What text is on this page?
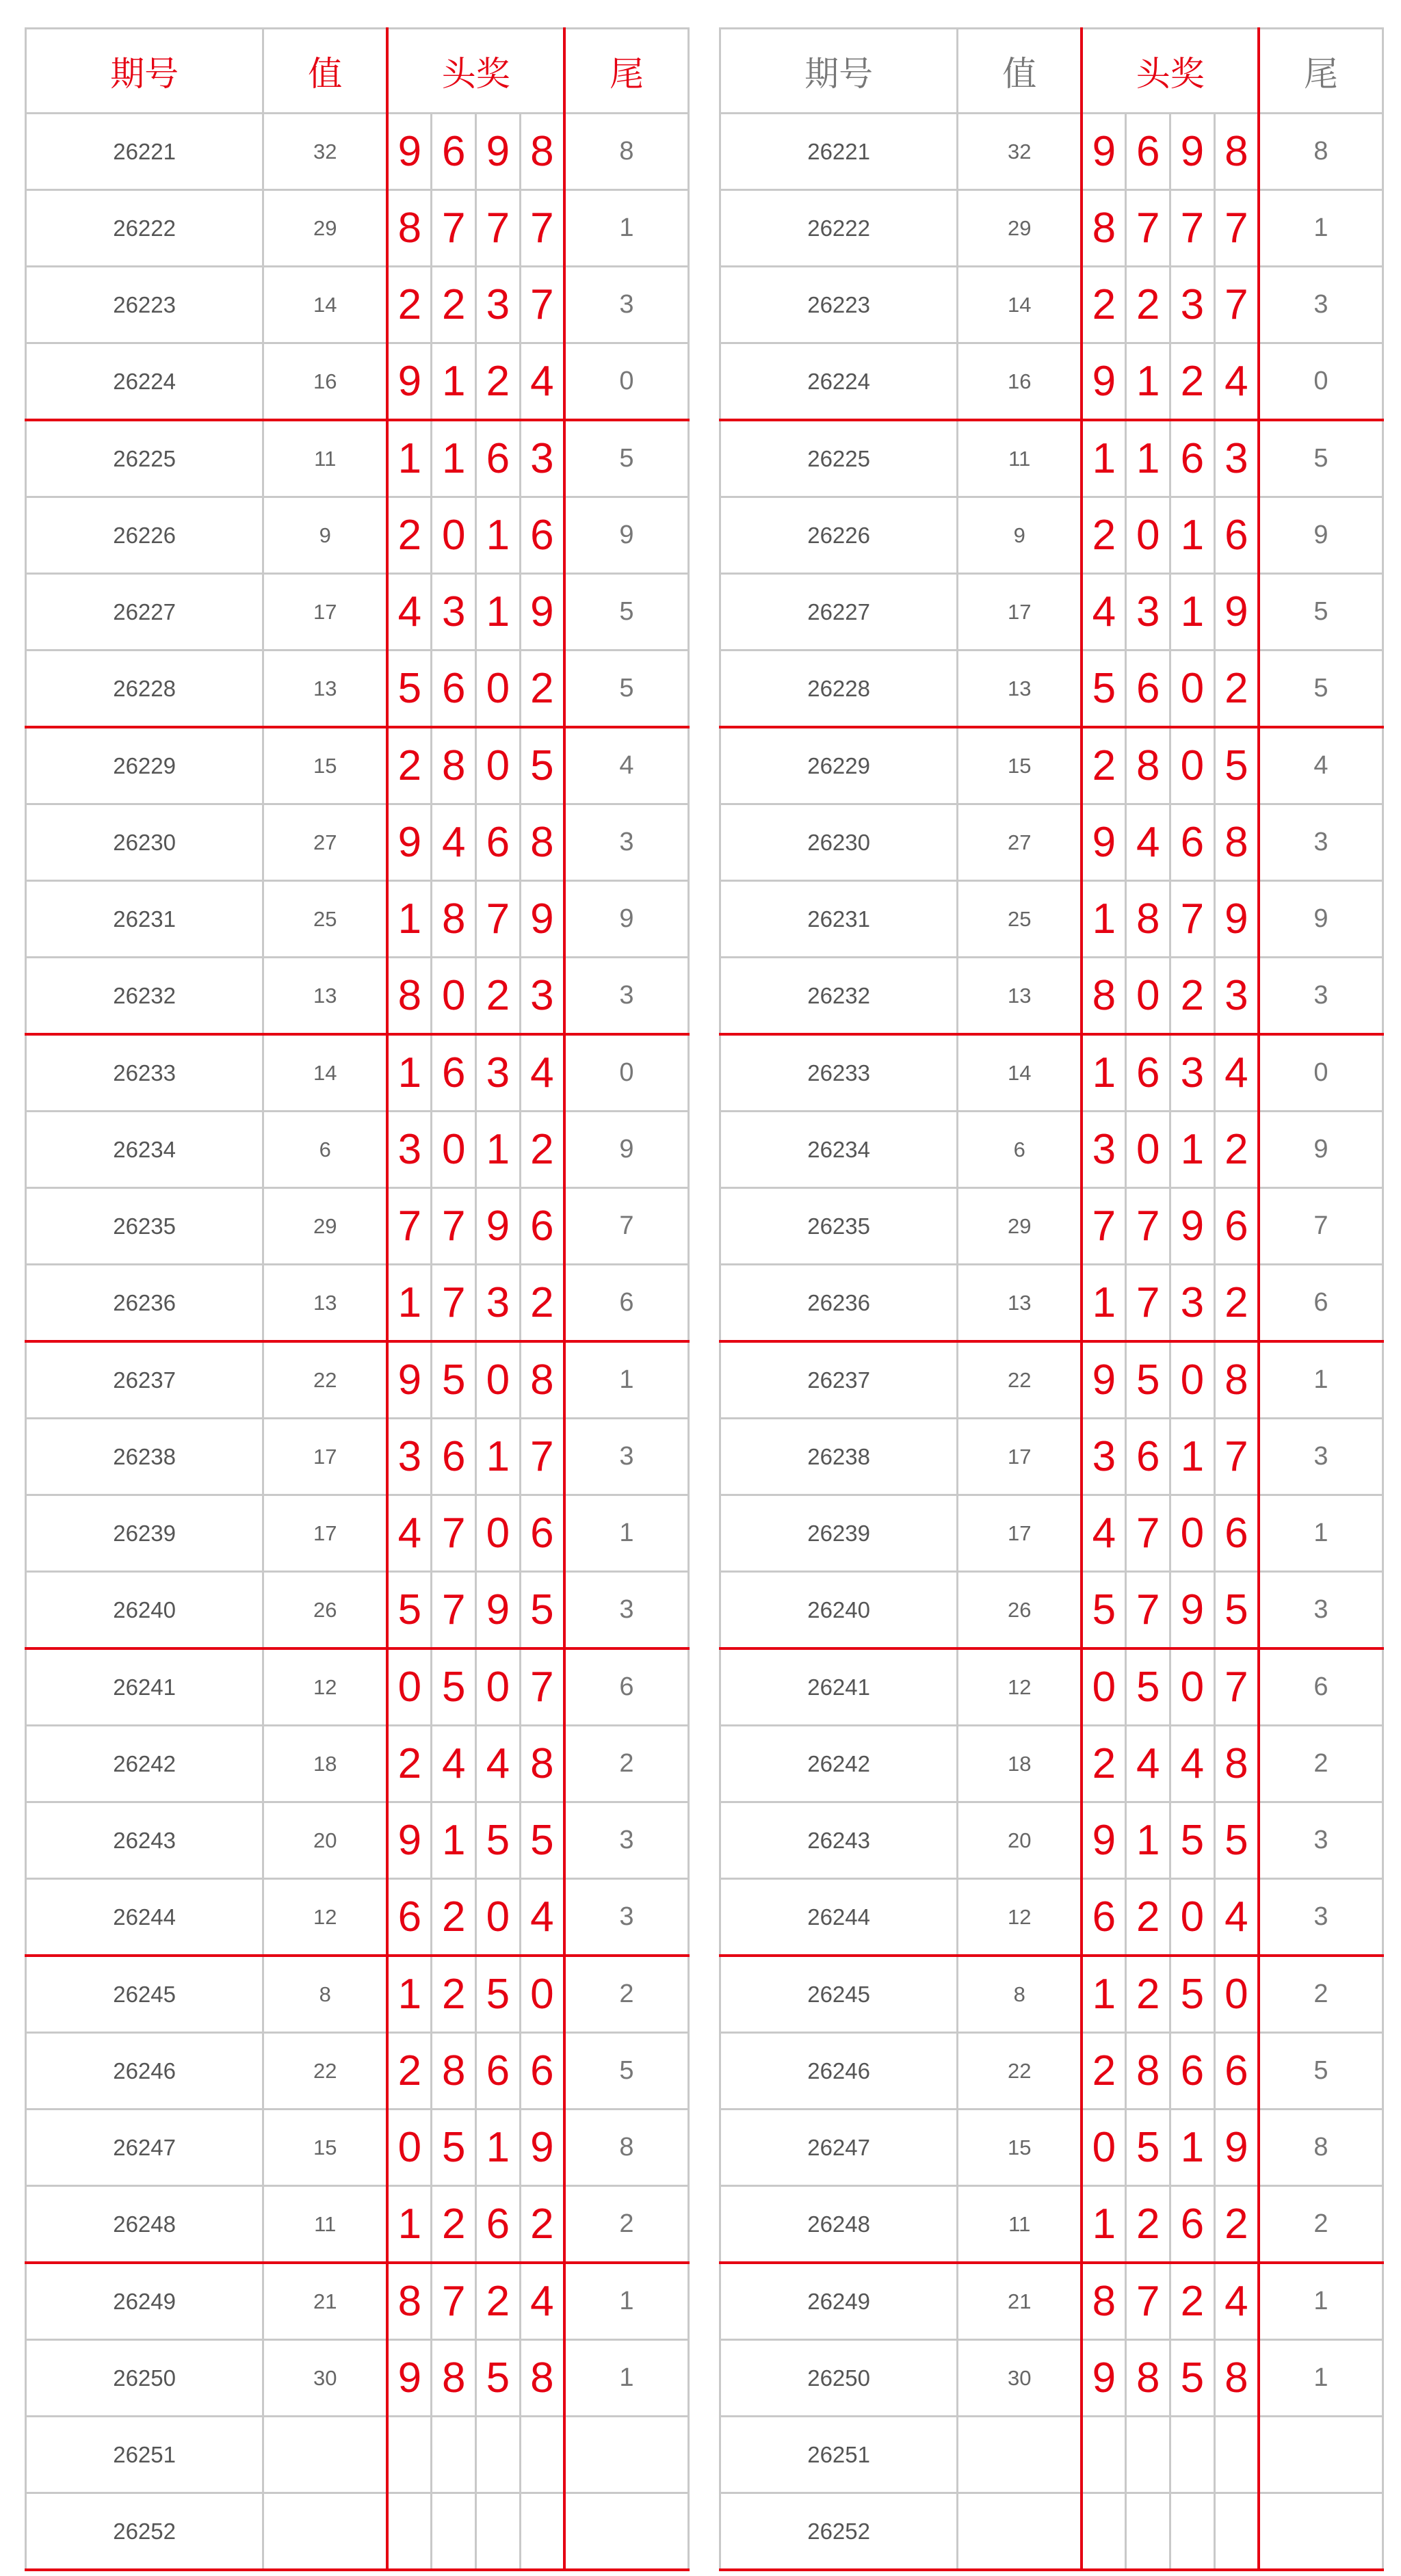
期号	值	头奖				尾
26221	32	9	6	9	8	8
26222	29	8	7	7	7	1
26223	14	2	2	3	7	3
26224	16	9	1	2	4	0
26225	11	1	1	6	3	5
26226	9	2	0	1	6	9
26227	17	4	3	1	9	5
26228	13	5	6	0	2	5
26229	15	2	8	0	5	4
26230	27	9	4	6	8	3
26231	25	1	8	7	9	9
26232	13	8	0	2	3	3
26233	14	1	6	3	4	0
26234	6	3	0	1	2	9
26235	29	7	7	9	6	7
26236	13	1	7	3	2	6
26237	22	9	5	0	8	1
26238	17	3	6	1	7	3
26239	17	4	7	0	6	1
26240	26	5	7	9	5	3
26241	12	0	5	0	7	6
26242	18	2	4	4	8	2
26243	20	9	1	5	5	3
26244	12	6	2	0	4	3
26245	8	1	2	5	0	2
26246	22	2	8	6	6	5
26247	15	0	5	1	9	8
26248	11	1	2	6	2	2
26249	21	8	7	2	4	1
26250	30	9	8	5	8	1
26251						
26252						
期号	值	头奖				尾
26221	32	9	6	9	8	8
26222	29	8	7	7	7	1
26223	14	2	2	3	7	3
26224	16	9	1	2	4	0
26225	11	1	1	6	3	5
26226	9	2	0	1	6	9
26227	17	4	3	1	9	5
26228	13	5	6	0	2	5
26229	15	2	8	0	5	4
26230	27	9	4	6	8	3
26231	25	1	8	7	9	9
26232	13	8	0	2	3	3
26233	14	1	6	3	4	0
26234	6	3	0	1	2	9
26235	29	7	7	9	6	7
26236	13	1	7	3	2	6
26237	22	9	5	0	8	1
26238	17	3	6	1	7	3
26239	17	4	7	0	6	1
26240	26	5	7	9	5	3
26241	12	0	5	0	7	6
26242	18	2	4	4	8	2
26243	20	9	1	5	5	3
26244	12	6	2	0	4	3
26245	8	1	2	5	0	2
26246	22	2	8	6	6	5
26247	15	0	5	1	9	8
26248	11	1	2	6	2	2
26249	21	8	7	2	4	1
26250	30	9	8	5	8	1
26251						
26252						
